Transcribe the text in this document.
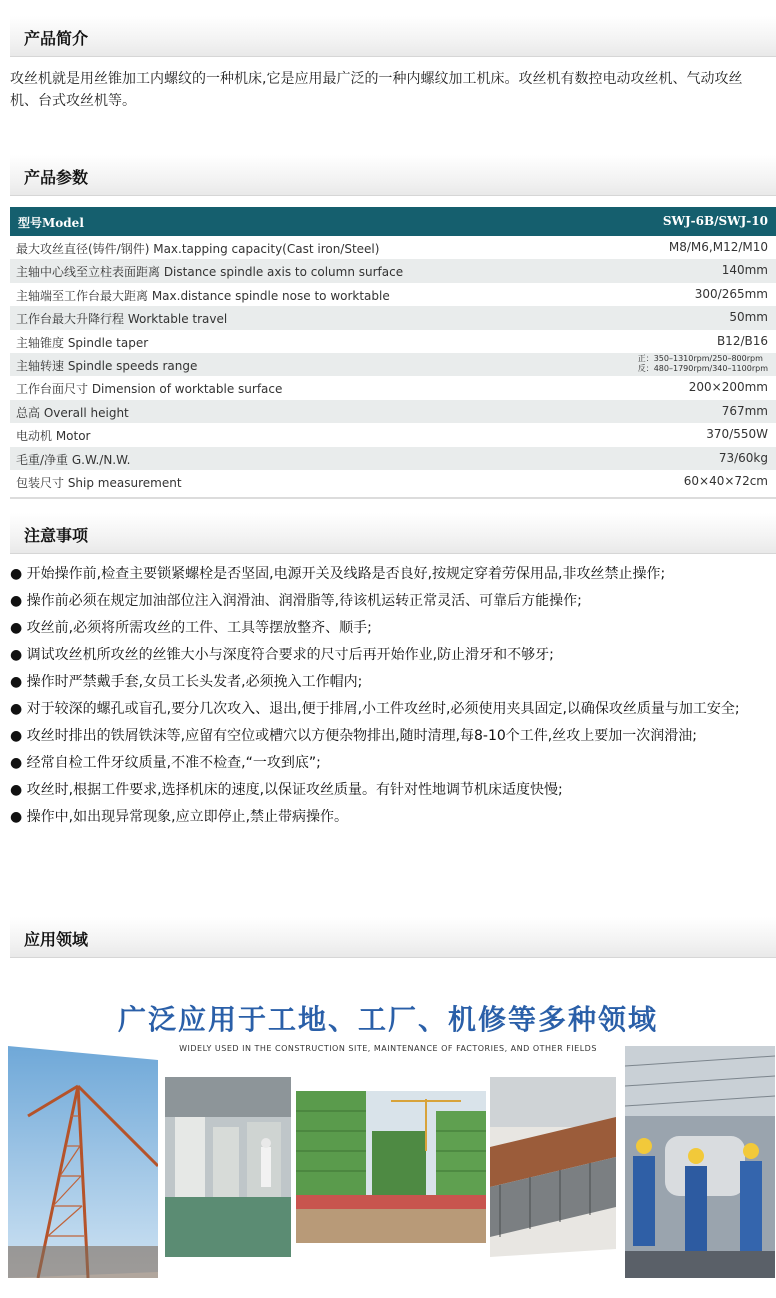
产品简介
攻丝机就是用丝锥加工内螺纹的一种机床,它是应用最广泛的一种内螺纹加工机床。攻丝机有数控电动攻丝机、气动攻丝机、台式攻丝机等。
产品参数
型号Model	SWJ-6B/SWJ-10
最大攻丝直径(铸件/钢件) Max.tapping capacity(Cast iron/Steel)	M8/M6,M12/M10
主轴中心线至立柱表面距离 Distance spindle axis to column surface	140mm
主轴端至工作台最大距离 Max.distance spindle nose to worktable	300/265mm
工作台最大升降行程 Worktable travel	50mm
主轴锥度 Spindle taper	B12/B16
主轴转速 Spindle speeds range
正：350–1310rpm/250–800rpm
反：480–1790rpm/340–1100rpm
工作台面尺寸 Dimension of worktable surface	200×200mm
总高 Overall height	767mm
电动机 Motor	370/550W
毛重/净重 G.W./N.W.	73/60kg
包装尺寸 Ship measurement	60×40×72cm
注意事项
● 开始操作前,检查主要锁紧螺栓是否坚固,电源开关及线路是否良好,按规定穿着劳保用品,非攻丝禁止操作;
● 操作前必须在规定加油部位注入润滑油、润滑脂等,待该机运转正常灵活、可靠后方能操作;
● 攻丝前,必须将所需攻丝的工件、工具等摆放整齐、顺手;
● 调试攻丝机所攻丝的丝锥大小与深度符合要求的尺寸后再开始作业,防止滑牙和不够牙;
● 操作时严禁戴手套,女员工长头发者,必须挽入工作帽内;
● 对于较深的螺孔或盲孔,要分几次攻入、退出,便于排屑,小工件攻丝时,必须使用夹具固定,以确保攻丝质量与加工安全;
● 攻丝时排出的铁屑铁沫等,应留有空位或槽穴以方便杂物排出,随时清理,每8-10个工件,丝攻上要加一次润滑油;
● 经常自检工件牙纹质量,不准不检查,“一攻到底”;
● 攻丝时,根据工件要求,选择机床的速度,以保证攻丝质量。有针对性地调节机床适度快慢;
● 操作中,如出现异常现象,应立即停止,禁止带病操作。
应用领域
广泛应用于工地、工厂、机修等多种领域
WIDELY USED IN THE CONSTRUCTION SITE, MAINTENANCE OF FACTORIES, AND OTHER FIELDS
